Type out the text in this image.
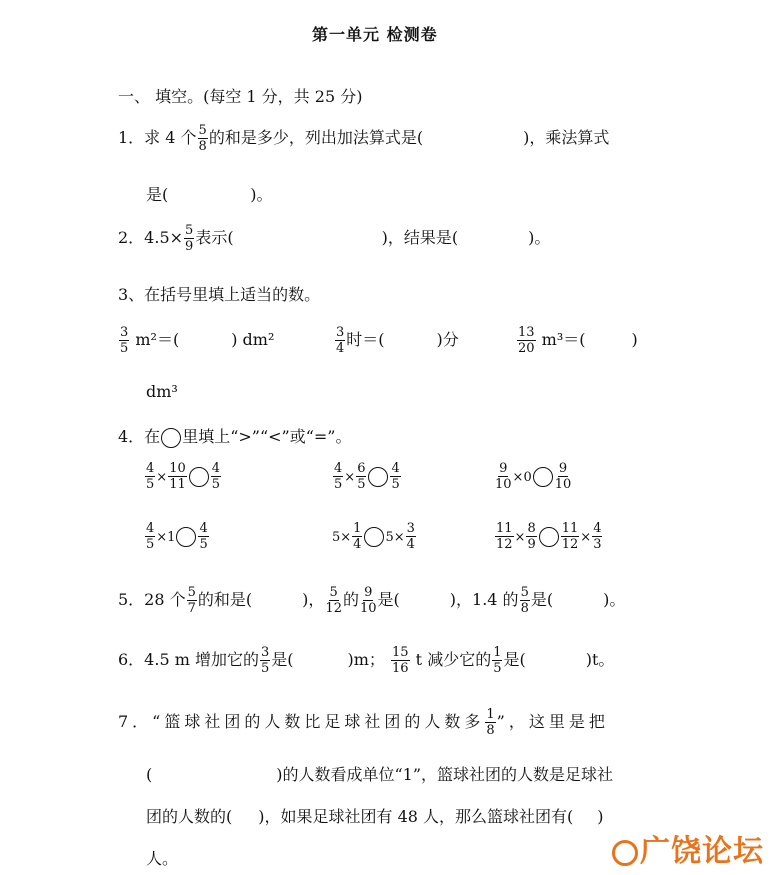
第一单元 检测卷
一、 填空。(每空 1 分，共 25 分)
1．求 4 个 $\frac{5}{8}$ 的和是多少，列出加法算式是(	)，乘法算式
是(	)。
2．$4.5\times \frac{5}{9}$ 表示(	)，结果是(	)。
3、在括号里填上适当的数。
$\frac{3}{5} m^2=$(	) dm²	$\frac{3}{4}$ 时＝(	)分	$\frac{13}{20} m^3=$(	)
dm³
4．在 里填上“>”“<”或“=”。
$\frac{4}{5} \times \frac{10}{11} \frac{4}{5}$	$\frac{4}{5} \times \frac{6}{5} \frac{4}{5}$	$\frac{9}{10} \times 0 \frac{9}{10}$
$\frac{4}{5} \times 1 \frac{4}{5}$	$5\times \frac{1}{4} 5\times \frac{3}{4}$	$\frac{11}{12} \times \frac{8}{9} \frac{11}{12} \times \frac{4}{3}$
5．28 个 $\frac{5}{7}$ 的和是(	)， $\frac{5}{12}$ 的 $\frac{9}{10}$ 是(	)，1.4 的 $\frac{5}{8}$ 是(	)。
6．4.5 m 增加它的 $\frac{3}{5}$ 是(	)m； $\frac{15}{16}$ t 减少它的 $\frac{1}{5}$ 是(	)t。
7．“篮球社团的人数比足球社团的人数多 $\frac{1}{8}$ ”，这里是把
(	)的人数看成单位“1”，篮球社团的人数是足球社
团的人数的( )，如果足球社团有 48 人，那么篮球社团有( )
人。	广饶论坛
